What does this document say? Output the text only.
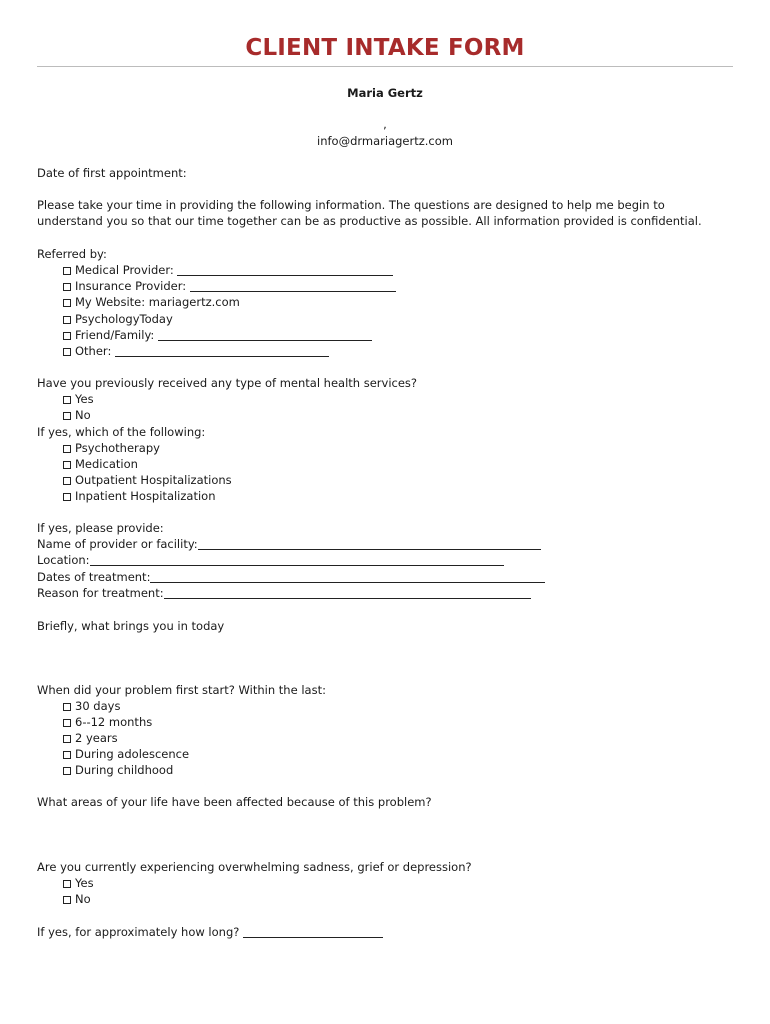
CLIENT INTAKE FORM
Maria Gertz
,
info@drmariagertz.com
Date of first appointment:
Please take your time in providing the following information. The questions are designed to help me begin to
understand you so that our time together can be as productive as possible. All information provided is confidential.
Referred by:
Medical Provider:
Insurance Provider:
My Website: mariagertz.com
PsychologyToday
Friend/Family:
Other:
Have you previously received any type of mental health services?
Yes
No
If yes, which of the following:
Psychotherapy
Medication
Outpatient Hospitalizations
Inpatient Hospitalization
If yes, please provide:
Name of provider or facility:
Location:
Dates of treatment:
Reason for treatment:
Briefly, what brings you in today
When did your problem first start? Within the last:
30 days
6--12 months
2 years
During adolescence
During childhood
What areas of your life have been affected because of this problem?
Are you currently experiencing overwhelming sadness, grief or depression?
Yes
No
If yes, for approximately how long?
